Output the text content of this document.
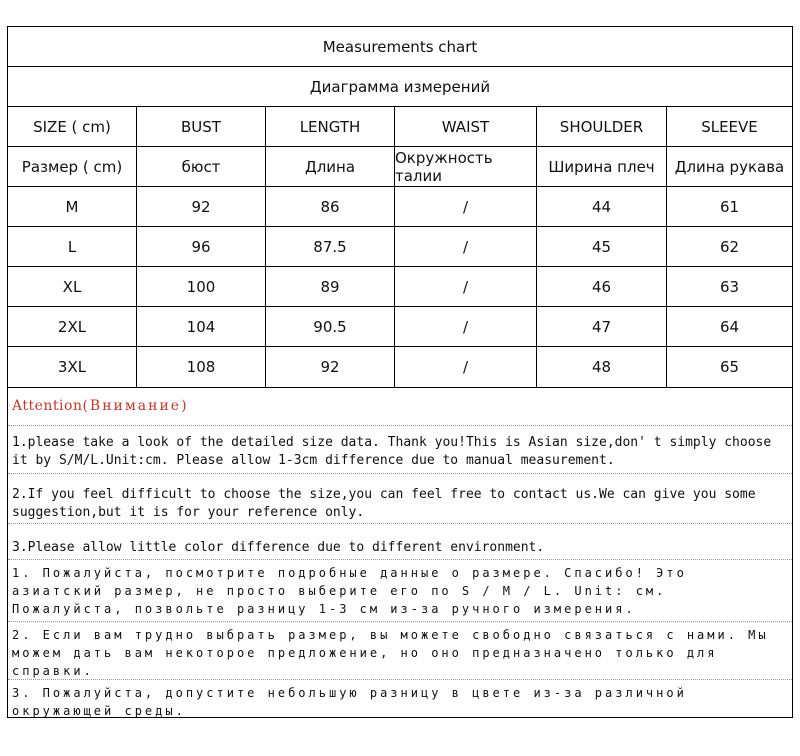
Measurements chart
Диаграмма измерений
SIZE ( cm)	BUST	LENGTH	WAIST	SHOULDER	SLEEVE
Размер ( cm)	бюст	Длина	Окружность талии	Ширина плеч	Длина рукава
M	92	86	/	44	61
L	96	87.5	/	45	62
XL	100	89	/	46	63
2XL	104	90.5	/	47	64
3XL	108	92	/	48	65
Attention(Внимание)
1.please take a look of the detailed size data. Thank you!This is Asian size,don' t simply choose it by S/M/L.Unit:cm. Please allow 1-3cm difference due to manual measurement.
2.If you feel difficult to choose the size,you can feel free to contact us.We can give you some suggestion,but it is for your reference only.
3.Please allow little color difference due to different environment.
1. Пожалуйста, посмотрите подробные данные о размере. Спасибо! Это азиатский размер, не просто выберите его по S / M / L. Unit: см. Пожалуйста, позвольте разницу 1-3 см из-за ручного измерения.
2. Если вам трудно выбрать размер, вы можете свободно связаться с нами. Мы можем дать вам некоторое предложение, но оно предназначено только для справки.
3. Пожалуйста, допустите небольшую разницу в цвете из-за различной окружающей среды.
